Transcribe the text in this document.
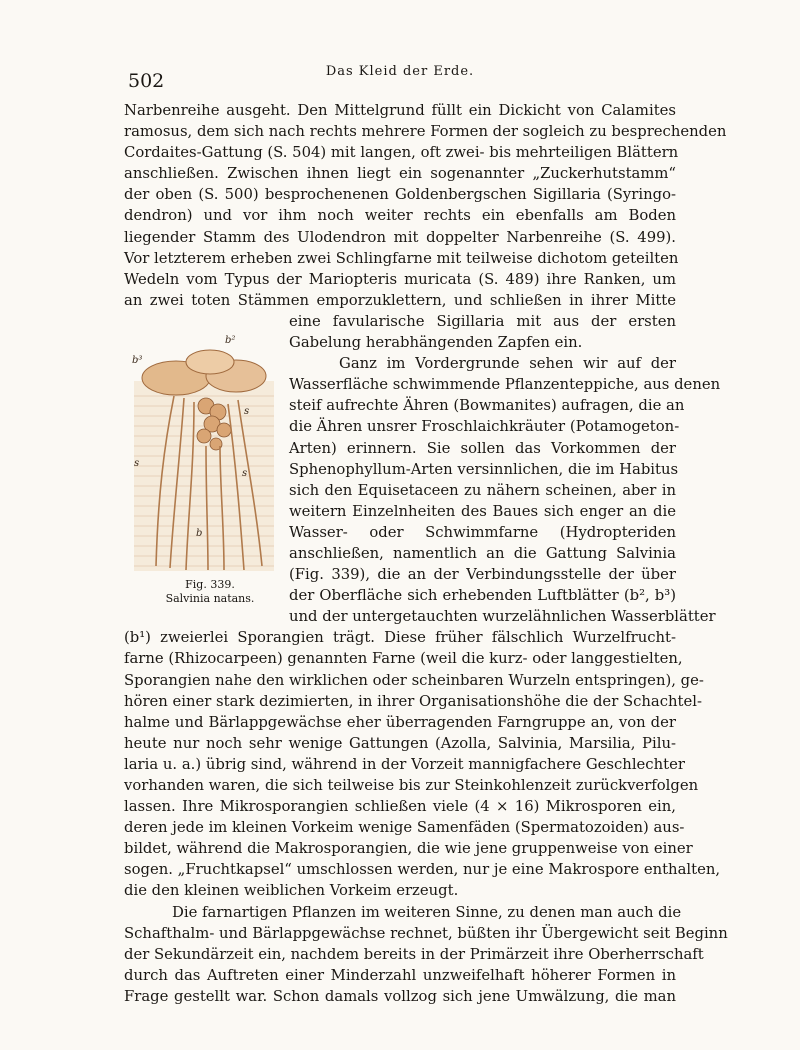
502	Das Kleid der Erde.
b²
b³
s
s
s
b
Fig. 339.
Salvinia natans.
Narbenreihe ausgeht. Den Mittelgrund füllt ein Dickicht von Calamites
ramosus, dem sich nach rechts mehrere Formen der sogleich zu besprechenden
Cordaites-Gattung (S. 504) mit langen, oft zwei- bis mehrteiligen Blättern
anschließen. Zwischen ihnen liegt ein sogenannter „Zuckerhutstamm“
der oben (S. 500) besprochenenen Goldenbergschen Sigillaria (Syringo-
dendron) und vor ihm noch weiter rechts ein ebenfalls am Boden
liegender Stamm des Ulodendron mit doppelter Narbenreihe (S. 499).
Vor letzterem erheben zwei Schlingfarne mit teilweise dichotom geteilten
Wedeln vom Typus der Mariopteris muricata (S. 489) ihre Ranken, um
an zwei toten Stämmen emporzuklettern, und schließen in ihrer Mitte
eine favularische Sigillaria mit aus der ersten
Gabelung herabhängenden Zapfen ein.
Ganz im Vordergrunde sehen wir auf der
Wasserfläche schwimmende Pflanzenteppiche, aus denen
steif aufrechte Ähren (Bowmanites) aufragen, die an
die Ähren unsrer Froschlaichkräuter (Potamogeton-
Arten) erinnern. Sie sollen das Vorkommen der
Sphenophyllum-Arten versinnlichen, die im Habitus
sich den Equisetaceen zu nähern scheinen, aber in
weitern Einzelnheiten des Baues sich enger an die
Wasser- oder Schwimmfarne (Hydropteriden
anschließen, namentlich an die Gattung Salvinia
(Fig. 339), die an der Verbindungsstelle der über
der Oberfläche sich erhebenden Luftblätter (b², b³)
und der untergetauchten wurzelähnlichen Wasserblätter
(b¹) zweierlei Sporangien trägt. Diese früher fälschlich Wurzelfrucht-
farne (Rhizocarpeen) genannten Farne (weil die kurz- oder langgestielten,
Sporangien nahe den wirklichen oder scheinbaren Wurzeln entspringen), ge-
hören einer stark dezimierten, in ihrer Organisationshöhe die der Schachtel-
halme und Bärlappgewächse eher überragenden Farngruppe an, von der
heute nur noch sehr wenige Gattungen (Azolla, Salvinia, Marsilia, Pilu-
laria u. a.) übrig sind, während in der Vorzeit mannigfachere Geschlechter
vorhanden waren, die sich teilweise bis zur Steinkohlenzeit zurückverfolgen
lassen. Ihre Mikrosporangien schließen viele (4 × 16) Mikrosporen ein,
deren jede im kleinen Vorkeim wenige Samenfäden (Spermatozoiden) aus-
bildet, während die Makrosporangien, die wie jene gruppenweise von einer
sogen. „Fruchtkapsel“ umschlossen werden, nur je eine Makrospore enthalten,
die den kleinen weiblichen Vorkeim erzeugt.
Die farnartigen Pflanzen im weiteren Sinne, zu denen man auch die
Schafthalm- und Bärlappgewächse rechnet, büßten ihr Übergewicht seit Beginn
der Sekundärzeit ein, nachdem bereits in der Primärzeit ihre Oberherrschaft
durch das Auftreten einer Minderzahl unzweifelhaft höherer Formen in
Frage gestellt war. Schon damals vollzog sich jene Umwälzung, die man
